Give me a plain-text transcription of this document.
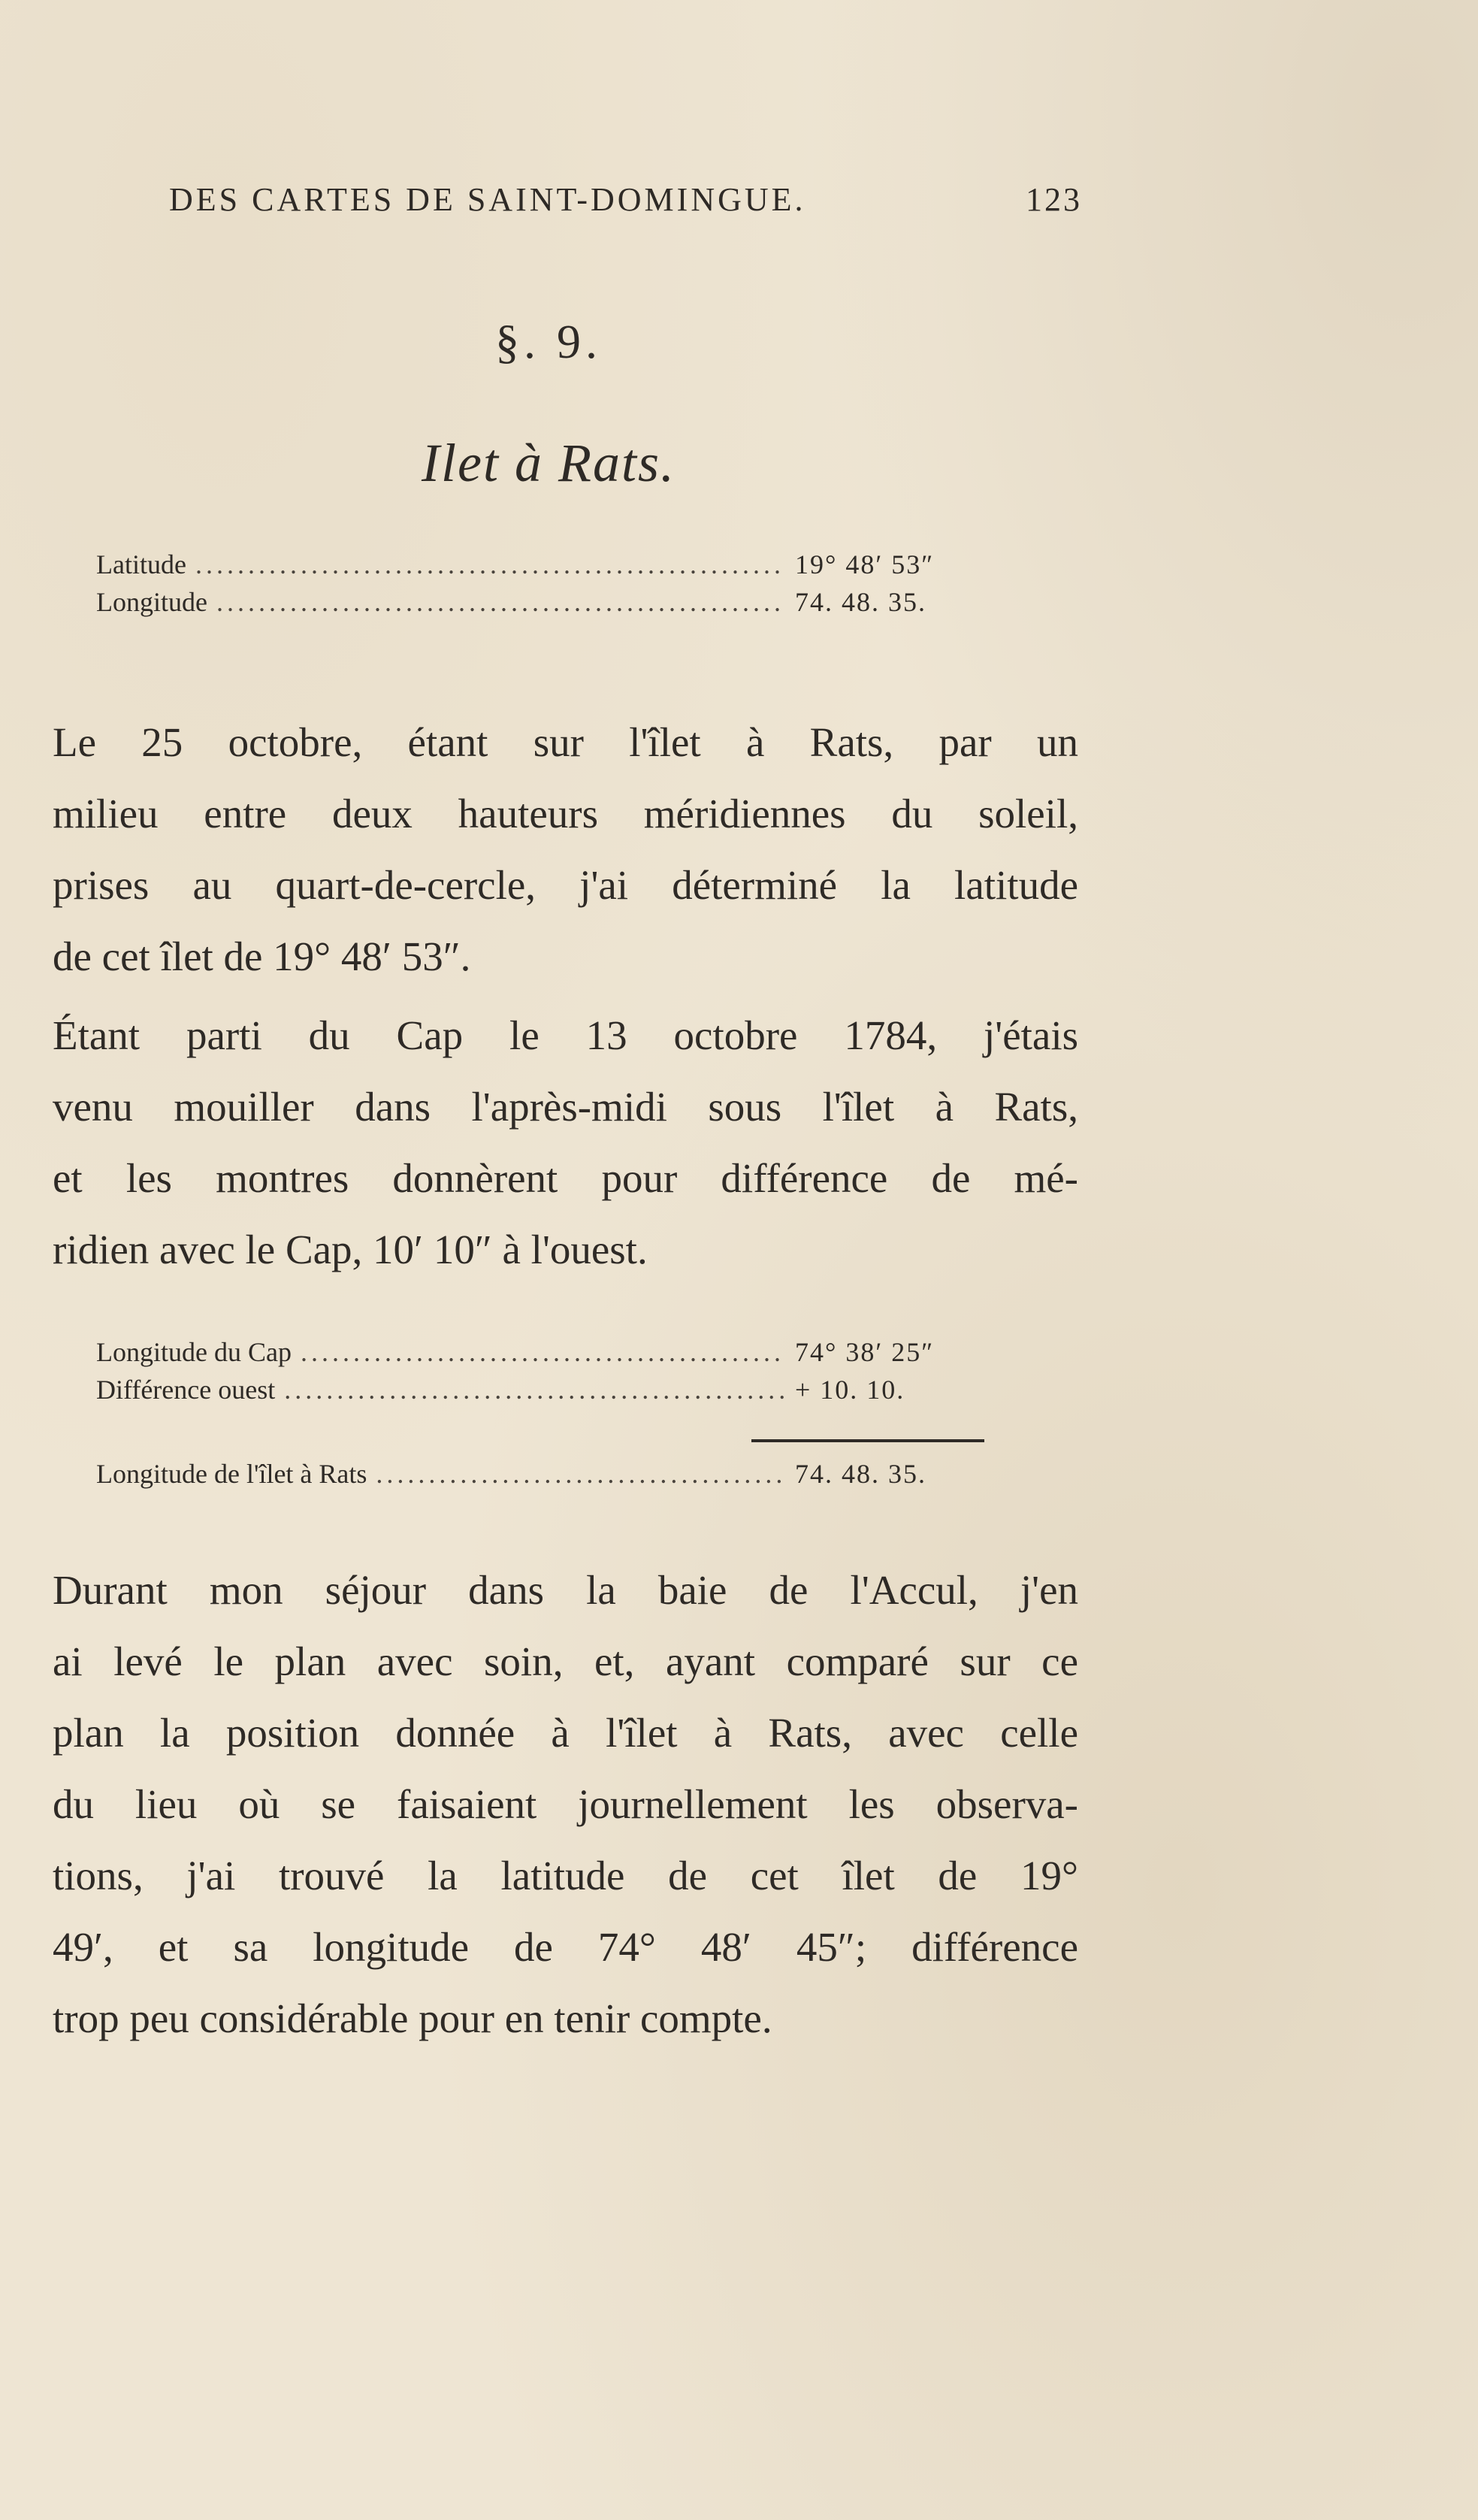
DES CARTES DE SAINT-DOMINGUE.	123
§. 9.
Ilet à Rats.
Latitude .....	19° 48′ 53″
Longitude .....	74. 48. 35.
Le 25 octobre, étant sur l'îlet à Rats, par un
milieu entre deux hauteurs méridiennes du soleil,
prises au quart-de-cercle, j'ai déterminé la latitude
de cet îlet de 19° 48′ 53″.
Étant parti du Cap le 13 octobre 1784, j'étais
venu mouiller dans l'après-midi sous l'îlet à Rats,
et les montres donnèrent pour différence de mé-
ridien avec le Cap, 10′ 10″ à l'ouest.
Longitude du Cap .....	74° 38′ 25″
Différence ouest .....	+ 10. 10.
Longitude de l'îlet à Rats .....	74. 48. 35.
Durant mon séjour dans la baie de l'Accul, j'en
ai levé le plan avec soin, et, ayant comparé sur ce
plan la position donnée à l'îlet à Rats, avec celle
du lieu où se faisaient journellement les observa-
tions, j'ai trouvé la latitude de cet îlet de 19°
49′, et sa longitude de 74° 48′ 45″; différence
trop peu considérable pour en tenir compte.
